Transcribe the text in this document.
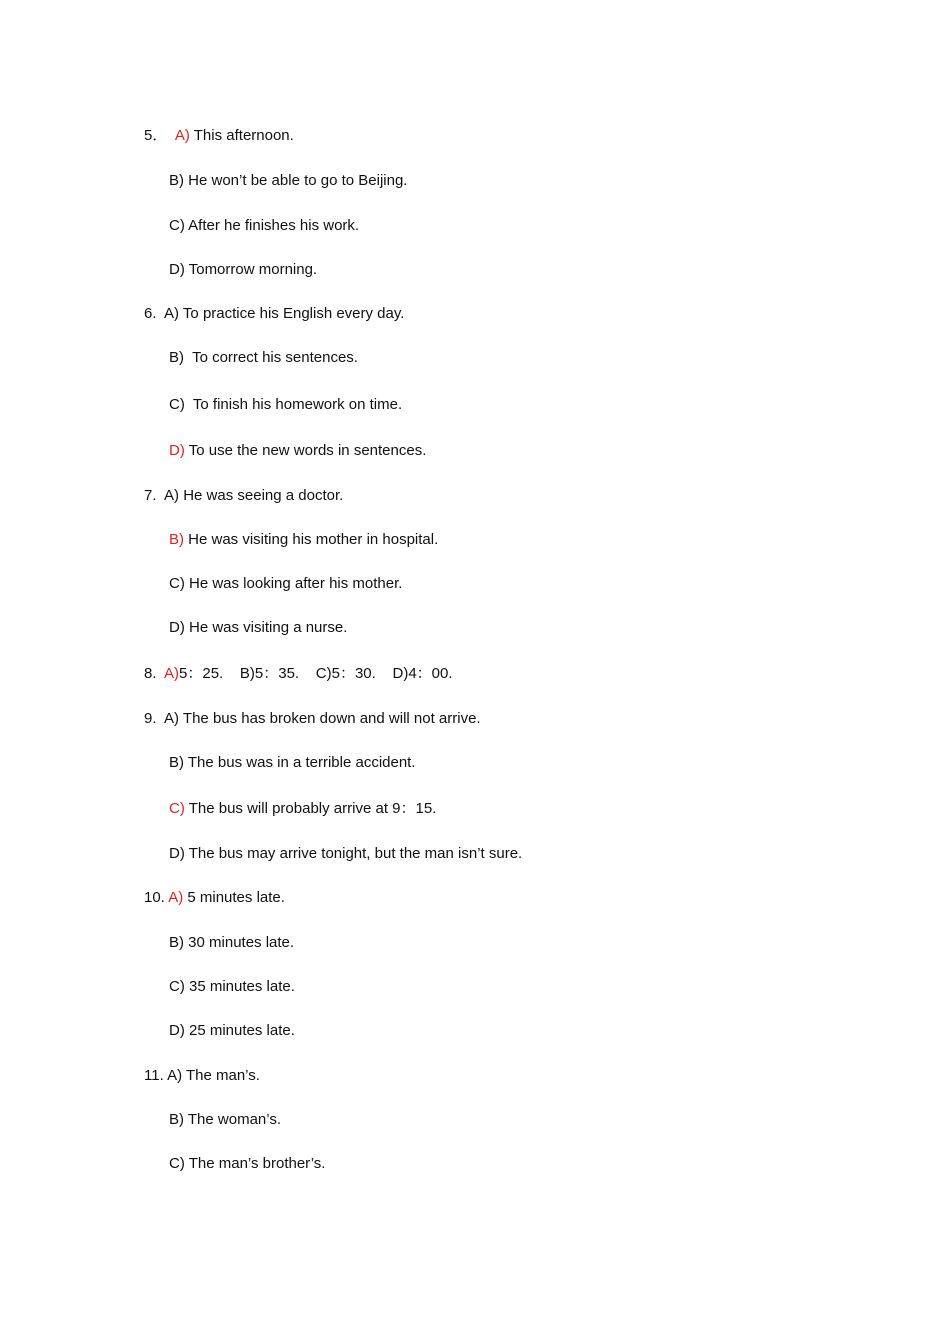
5． A) This afternoon.
B) He won’t be able to go to Beijing.
C) After he finishes his work.
D) Tomorrow morning.
6. A) To practice his English every day.
B)  To correct his sentences.
C)  To finish his homework on time.
D) To use the new words in sentences.
7. A) He was seeing a doctor.
B) He was visiting his mother in hospital.
C) He was looking after his mother.
D) He was visiting a nurse.
8. A)5：25. B)5：35. C)5：30. D)4：00.
9. A) The bus has broken down and will not arrive.
B) The bus was in a terrible accident.
C) The bus will probably arrive at 9：15.
D) The bus may arrive tonight, but the man isn’t sure.
10. A) 5 minutes late.
B) 30 minutes late.
C) 35 minutes late.
D) 25 minutes late.
11. A) The man’s.
B) The woman’s.
C) The man’s brother’s.
